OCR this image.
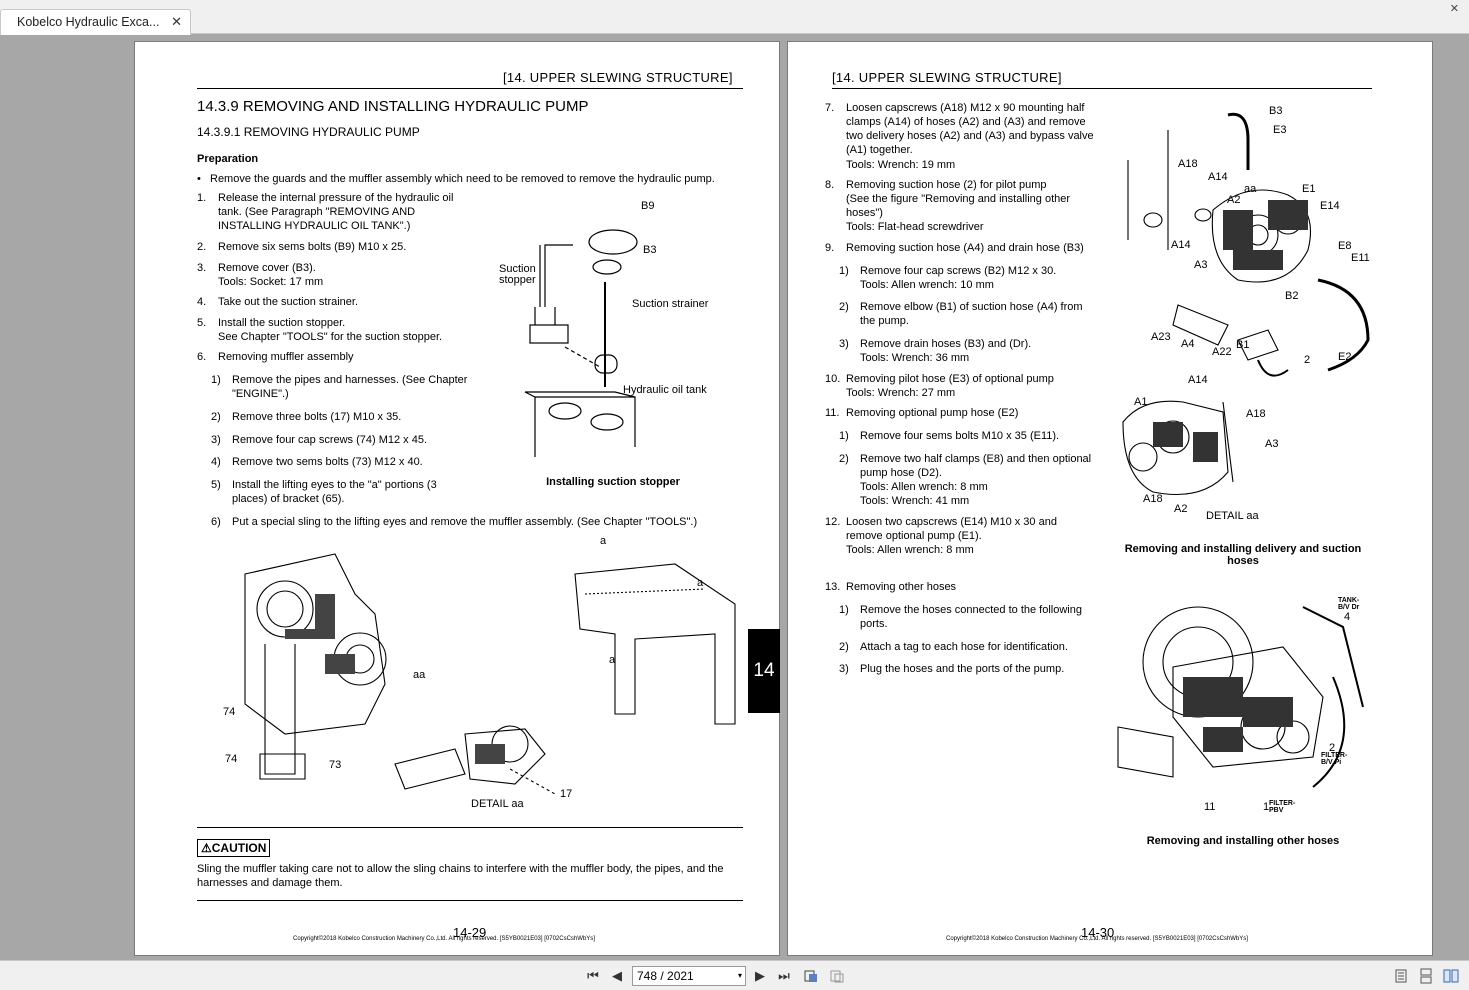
Kobelco Hydraulic Exca... ✕
✕
[14. UPPER SLEWING STRUCTURE]
14.3.9 REMOVING AND INSTALLING HYDRAULIC PUMP
14.3.9.1 REMOVING HYDRAULIC PUMP
Preparation
• Remove the guards and the muffler assembly which need to be removed to remove the hydraulic pump.
1. Release the internal pressure of the hydraulic oil tank. (See Paragraph "REMOVING AND INSTALLING HYDRAULIC OIL TANK".)
2. Remove six sems bolts (B9) M10 x 25.
3. Remove cover (B3).
Tools: Socket: 17 mm
4. Take out the suction strainer.
5. Install the suction stopper.
See Chapter "TOOLS" for the suction stopper.
6. Removing muffler assembly
1) Remove the pipes and harnesses. (See Chapter "ENGINE".)
2) Remove three bolts (17) M10 x 35.
3) Remove four cap screws (74) M12 x 45.
4) Remove two sems bolts (73) M12 x 40.
5) Install the lifting eyes to the "a" portions (3 places) of bracket (65).
6) Put a special sling to the lifting eyes and remove the muffler assembly. (See Chapter "TOOLS".)
B9
B3
Suction
stopper
Suction strainer
Hydraulic oil tank
Installing suction stopper
aa
74
74	73
17
DETAIL aa
a
a
a
⚠CAUTION
Sling the muffler taking care not to allow the sling chains to interfere with the muffler body, the pipes, and the harnesses and damage them.
14-29
Copyright©2018 Kobelco Construction Machinery Co.,Ltd. All rights reserved. [S5YB0021E03] [0702CsCshWbYs]
14
[14. UPPER SLEWING STRUCTURE]
7. Loosen capscrews (A18) M12 x 90 mounting half clamps (A14) of hoses (A2) and (A3) and remove two delivery hoses (A2) and (A3) and bypass valve (A1) together.
Tools: Wrench: 19 mm
8. Removing suction hose (2) for pilot pump
(See the figure "Removing and installing other hoses")
Tools: Flat-head screwdriver
9. Removing suction hose (A4) and drain hose (B3)
1) Remove four cap screws (B2) M12 x 30.
Tools: Allen wrench: 10 mm
2) Remove elbow (B1) of suction hose (A4) from the pump.
3) Remove drain hoses (B3) and (Dr).
Tools: Wrench: 36 mm
10. Removing pilot hose (E3) of optional pump
Tools: Wrench: 27 mm
11. Removing optional pump hose (E2)
1) Remove four sems bolts M10 x 35 (E11).
2) Remove two half clamps (E8) and then optional pump hose (D2).
Tools: Allen wrench: 8 mm
Tools: Wrench: 41 mm
12. Loosen two capscrews (E14) M10 x 30 and remove optional pump (E1).
Tools: Allen wrench: 8 mm
13. Removing other hoses
1) Remove the hoses connected to the following ports.
2) Attach a tag to each hose for identification.
3) Plug the hoses and the ports of the pump.
B3
E3
A18
A14
aa
A2
E1
E14
A14
A3
E8
E11
B2
A23
A4
A22
B1
2	E2
A14
A1
A18
A3
A18
A2
DETAIL aa
Removing and installing delivery and suction hoses
TANK-
B/V Dr
4
2
FILTER-
B/V Pi
11	1 FILTER-
PBV
Removing and installing other hoses
14-30
Copyright©2018 Kobelco Construction Machinery Co.,Ltd. All rights reserved. [S5YB0021E03] [0702CsCshWbYs]
⏮ ◀	748 / 2021	▾ ▶ ⏭
